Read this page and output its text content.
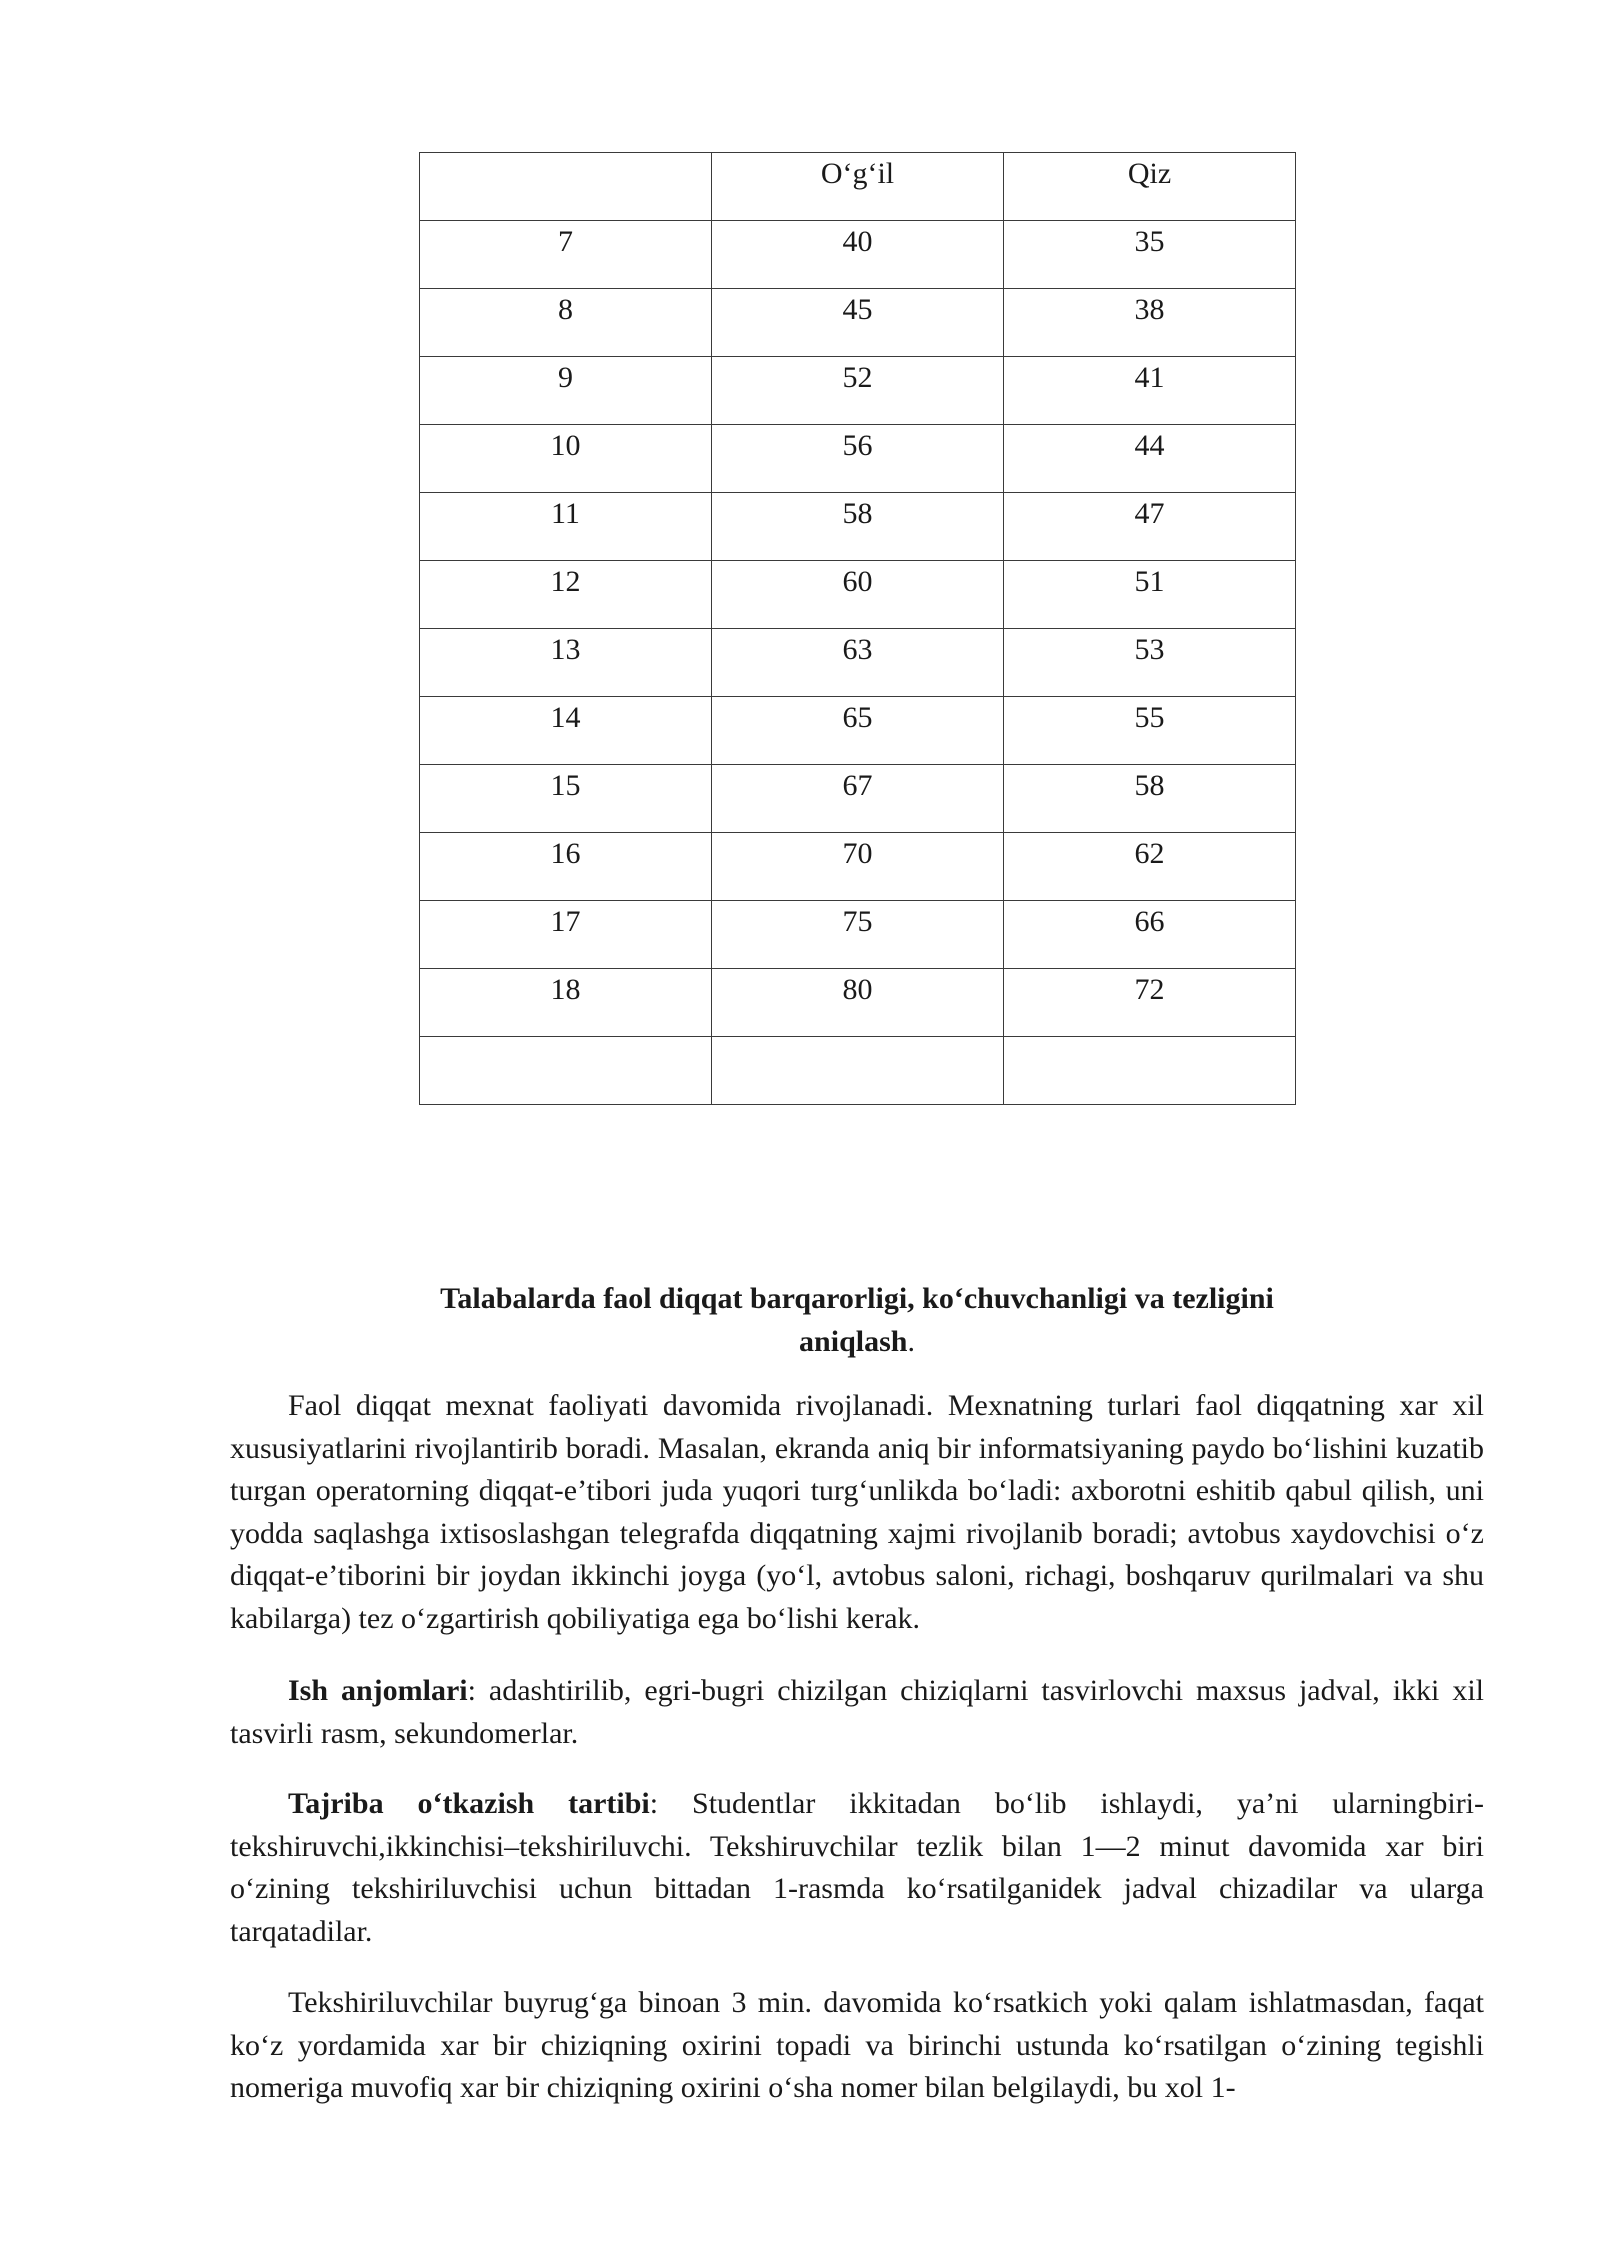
	O‘g‘il	Qiz

7	40	35

8	45	38

9	52	41

10	56	44

11	58	47

12	60	51

13	63	53

14	65	55

15	67	58

16	70	62

17	75	66

18	80	72

Talabalarda faol diqqat barqarorligi, ko‘chuvchanligi va tezligini
aniqlash.

Faol diqqat mexnat faoliyati davomida rivojlanadi. Mexnatning turlari faol diqqatning xar xil xususiyatlarini rivojlantirib boradi. Masalan, ekranda aniq bir informatsiyaning paydo bo‘lishini kuzatib turgan operatorning diqqat-e’tibori juda yuqori turg‘unlikda bo‘ladi: axborotni eshitib qabul qilish, uni yodda saqlashga ixtisoslashgan telegrafda diqqatning xajmi rivojlanib boradi; avtobus xaydovchisi o‘z diqqat-e’tiborini bir joydan ikkinchi joyga (yo‘l, avtobus saloni, richagi, boshqaruv qurilmalari va shu kabilarga) tez o‘zgartirish qobiliyatiga ega bo‘lishi kerak.

Ish anjomlari: adashtirilib, egri-bugri chizilgan chiziqlarni tasvirlovchi maxsus jadval, ikki xil tasvirli rasm, sekundomerlar.

Tajriba o‘tkazish tartibi: Studentlar ikkitadan bo‘lib ishlaydi, ya’ni ularningbiri-tekshiruvchi,ikkinchisi–tekshiriluvchi. Tekshiruvchilar tezlik bilan 1—2 minut davomida xar biri o‘zining tekshiriluvchisi uchun bittadan 1-rasmda ko‘rsatilganidek jadval chizadilar va ularga tarqatadilar.

Tekshiriluvchilar buyrug‘ga binoan 3 min. davomida ko‘rsatkich yoki qalam ishlatmasdan, faqat ko‘z yordamida xar bir chiziqning oxirini topadi va birinchi ustunda ko‘rsatilgan o‘zining tegishli nomeriga muvofiq xar bir chiziqning oxirini o‘sha nomer bilan belgilaydi, bu xol 1-
